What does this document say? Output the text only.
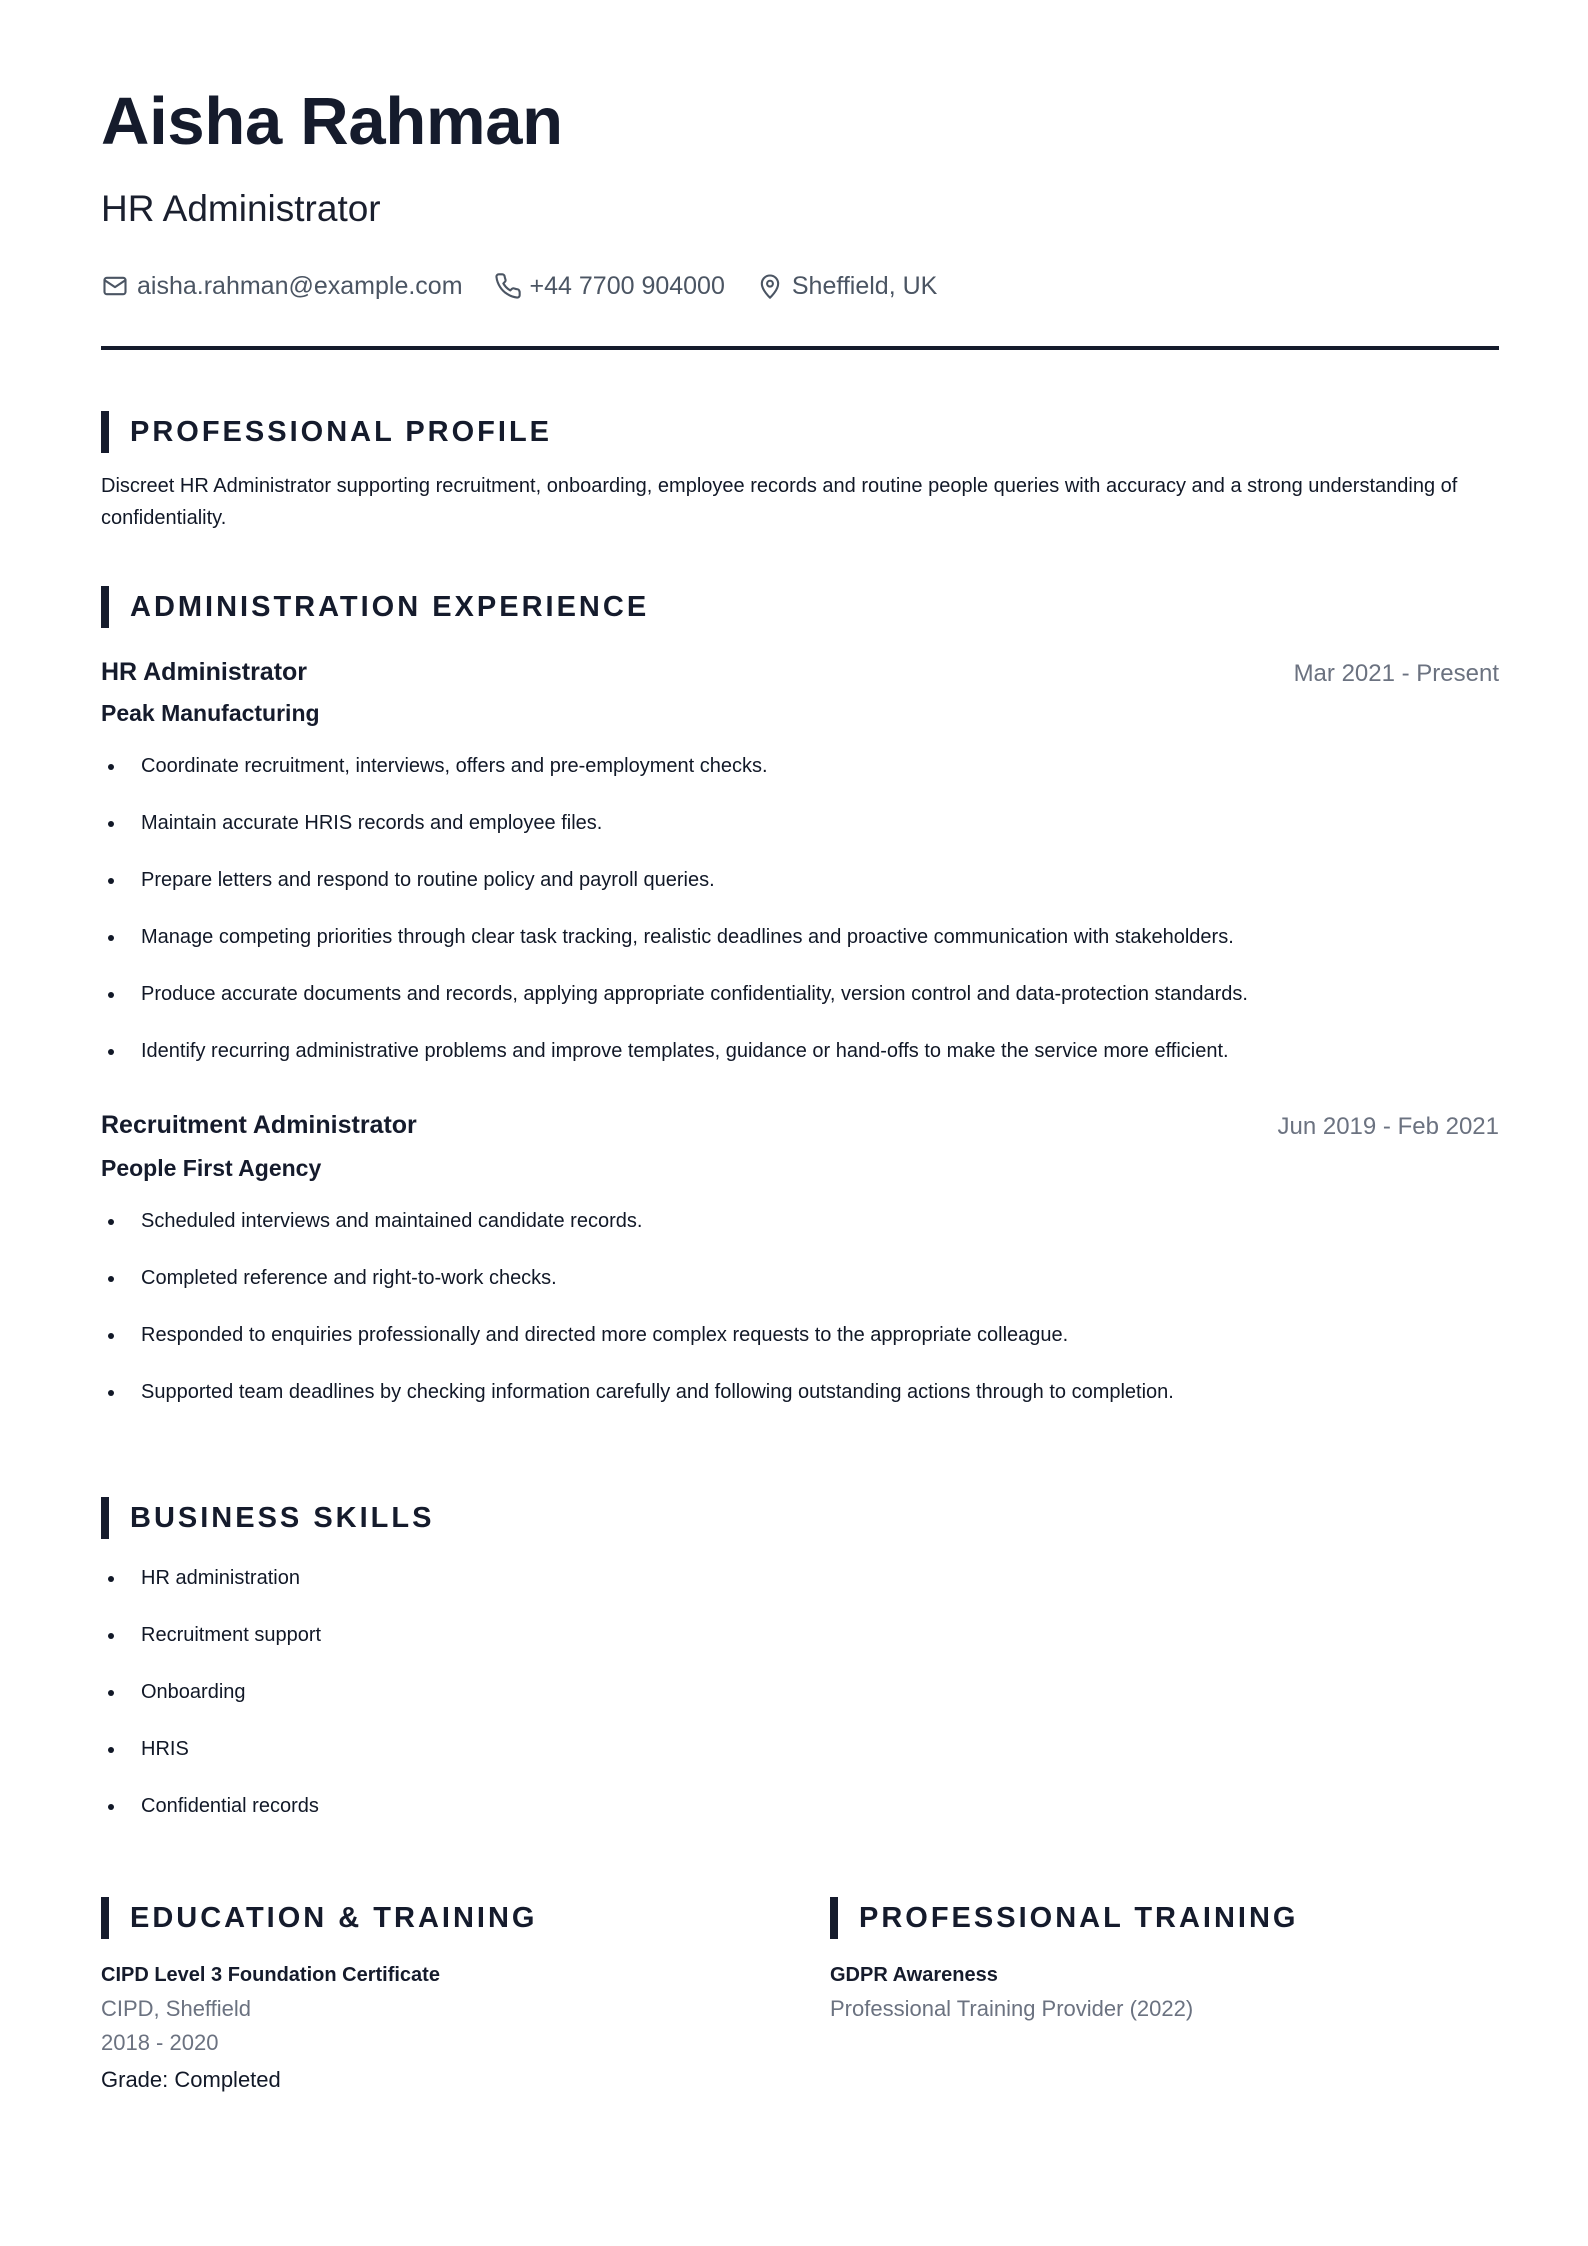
Aisha Rahman
HR Administrator
aisha.rahman@example.com	+44 7700 904000	Sheffield, UK
PROFESSIONAL PROFILE
Discreet HR Administrator supporting recruitment, onboarding, employee records and routine people queries with accuracy and a strong understanding of confidentiality.
ADMINISTRATION EXPERIENCE
HR Administrator	Mar 2021 - Present
Peak Manufacturing
Coordinate recruitment, interviews, offers and pre-employment checks.
Maintain accurate HRIS records and employee files.
Prepare letters and respond to routine policy and payroll queries.
Manage competing priorities through clear task tracking, realistic deadlines and proactive communication with stakeholders.
Produce accurate documents and records, applying appropriate confidentiality, version control and data-protection standards.
Identify recurring administrative problems and improve templates, guidance or hand-offs to make the service more efficient.
Recruitment Administrator	Jun 2019 - Feb 2021
People First Agency
Scheduled interviews and maintained candidate records.
Completed reference and right-to-work checks.
Responded to enquiries professionally and directed more complex requests to the appropriate colleague.
Supported team deadlines by checking information carefully and following outstanding actions through to completion.
BUSINESS SKILLS
HR administration
Recruitment support
Onboarding
HRIS
Confidential records
EDUCATION & TRAINING
CIPD Level 3 Foundation Certificate
CIPD, Sheffield
2018 - 2020
Grade: Completed
PROFESSIONAL TRAINING
GDPR Awareness
Professional Training Provider (2022)
